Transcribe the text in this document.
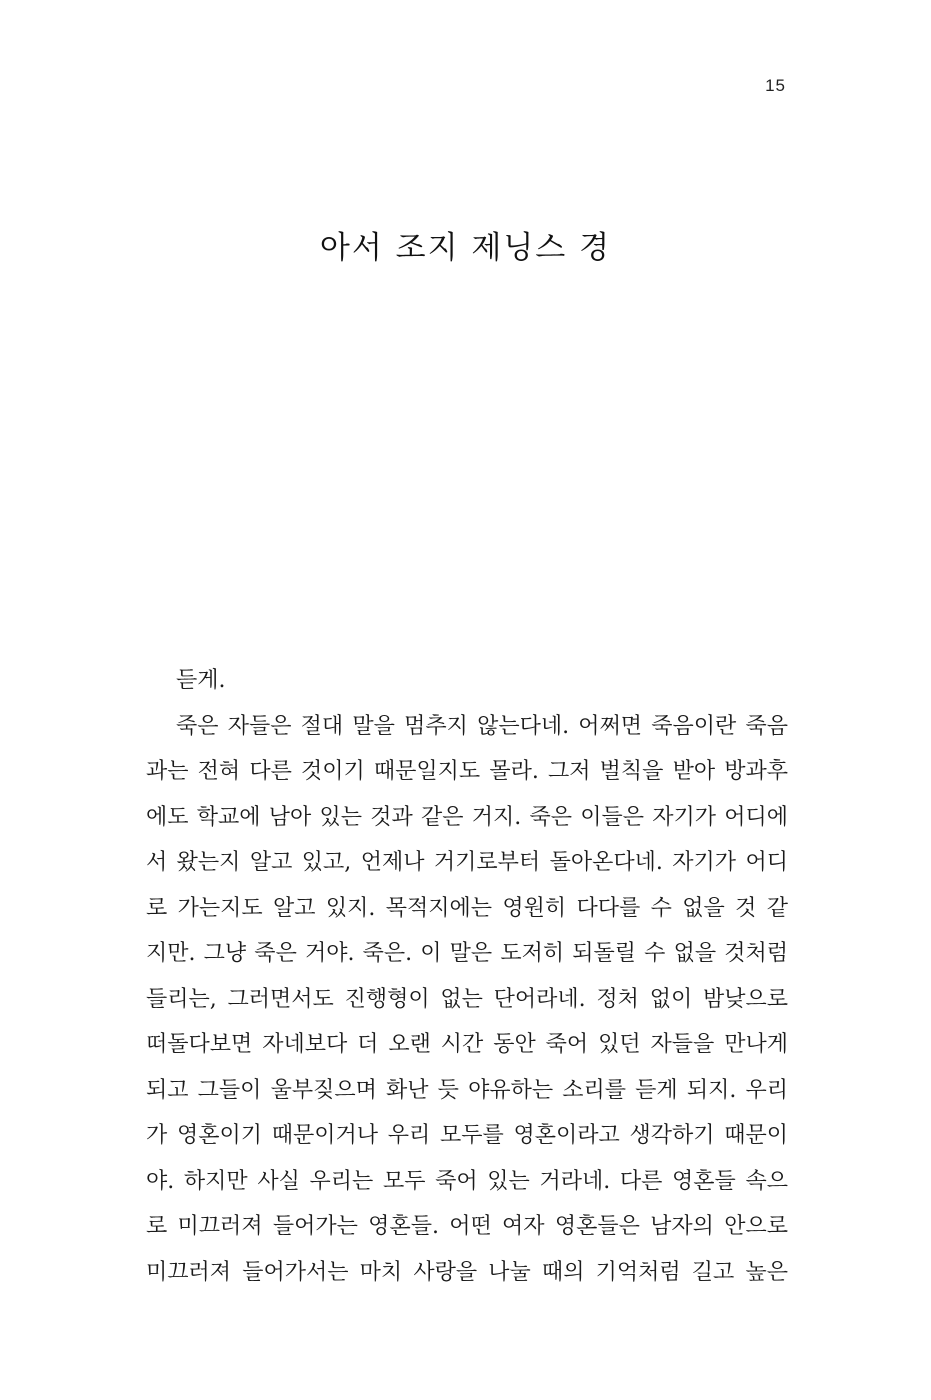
15
아서 조지 제닝스 경
듣게.
죽은 자들은 절대 말을 멈추지 않는다네. 어쩌면 죽음이란 죽음
과는 전혀 다른 것이기 때문일지도 몰라. 그저 벌칙을 받아 방과후
에도 학교에 남아 있는 것과 같은 거지. 죽은 이들은 자기가 어디에
서 왔는지 알고 있고, 언제나 거기로부터 돌아온다네. 자기가 어디
로 가는지도 알고 있지. 목적지에는 영원히 다다를 수 없을 것 같
지만. 그냥 죽은 거야. 죽은. 이 말은 도저히 되돌릴 수 없을 것처럼
들리는, 그러면서도 진행형이 없는 단어라네. 정처 없이 밤낮으로
떠돌다보면 자네보다 더 오랜 시간 동안 죽어 있던 자들을 만나게
되고 그들이 울부짖으며 화난 듯 야유하는 소리를 듣게 되지. 우리
가 영혼이기 때문이거나 우리 모두를 영혼이라고 생각하기 때문이
야. 하지만 사실 우리는 모두 죽어 있는 거라네. 다른 영혼들 속으
로 미끄러져 들어가는 영혼들. 어떤 여자 영혼들은 남자의 안으로
미끄러져 들어가서는 마치 사랑을 나눌 때의 기억처럼 길고 높은
